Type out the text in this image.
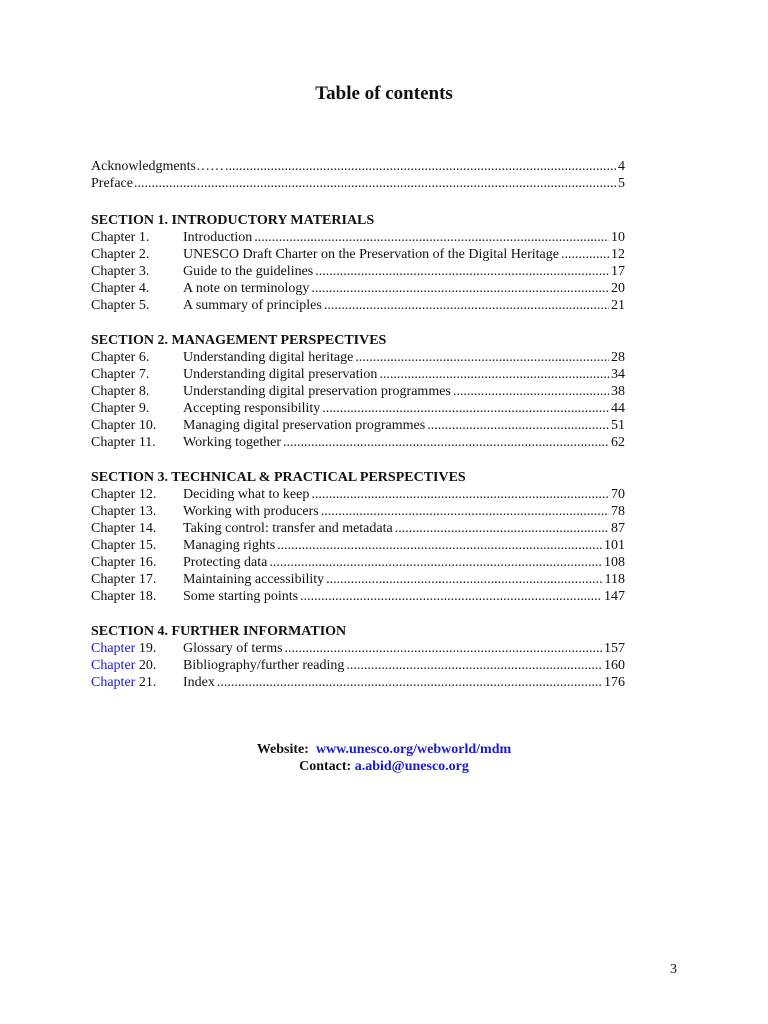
Table of contents
Acknowledgments…… .....	4
Preface .....	5
SECTION 1. INTRODUCTORY MATERIALS
Chapter 1.	Introduction .....	10
Chapter 2.	UNESCO Draft Charter on the Preservation of the Digital Heritage .....	12
Chapter 3.	Guide to the guidelines .....	17
Chapter 4.	A note on terminology .....	20
Chapter 5.	A summary of principles .....	21
SECTION 2. MANAGEMENT PERSPECTIVES
Chapter 6.	Understanding digital heritage .....	28
Chapter 7.	Understanding digital preservation .....	34
Chapter 8.	Understanding digital preservation programmes .....	38
Chapter 9.	Accepting responsibility .....	44
Chapter 10.	Managing digital preservation programmes .....	51
Chapter 11.	Working together .....	62
SECTION 3. TECHNICAL & PRACTICAL PERSPECTIVES
Chapter 12.	Deciding what to keep .....	70
Chapter 13.	Working with producers .....	78
Chapter 14.	Taking control: transfer and metadata .....	87
Chapter 15.	Managing rights .....	101
Chapter 16.	Protecting data .....	108
Chapter 17.	Maintaining accessibility .....	118
Chapter 18.	Some starting points .....	147
SECTION 4. FURTHER INFORMATION
Chapter 19.	Glossary of terms .....	157
Chapter 20.	Bibliography/further reading .....	160
Chapter 21.	Index .....	176
Website: www.unesco.org/webworld/mdm
Contact: a.abid@unesco.org
3
